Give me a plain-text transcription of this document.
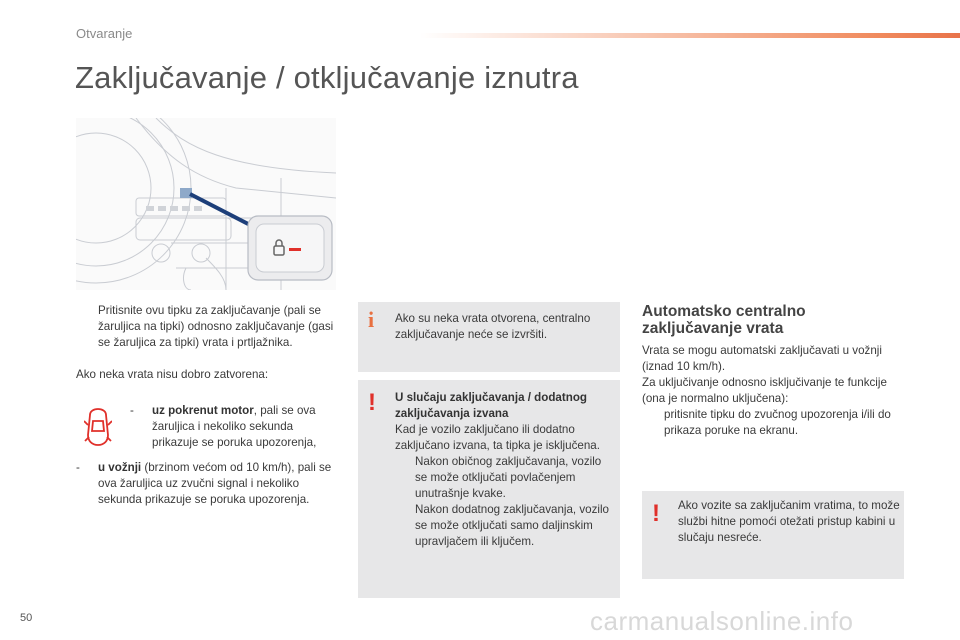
Otvaranje
Zaključavanje / otključavanje iznutra
Pritisnite ovu tipku za zaključavanje (pali se žaruljica na tipki) odnosno zaključavanje (gasi se žaruljica za tipki) vrata i prtljažnika.
Ako neka vrata nisu dobro zatvorena:
- uz pokrenut motor, pali se ova žaruljica i nekoliko sekunda prikazuje se poruka upozorenja,
- u vožnji (brzinom većom od 10 km/h), pali se ova žaruljica uz zvučni signal i nekoliko sekunda prikazuje se poruka upozorenja.
i Ako su neka vrata otvorena, centralno zaključavanje neće se izvršiti.
! U slučaju zaključavanja / dodatnog zaključavanja izvana
Kad je vozilo zaključano ili dodatno zaključano izvana, ta tipka je isključena.
Nakon običnog zaključavanja, vozilo se može otključati povlačenjem unutrašnje kvake.
Nakon dodatnog zaključavanja, vozilo se može otključati samo daljinskim upravljačem ili ključem.
Automatsko centralno zaključavanje vrata
Vrata se mogu automatski zaključavati u vožnji (iznad 10 km/h).
Za uključivanje odnosno isključivanje te funkcije (ona je normalno uključena):
pritisnite tipku do zvučnog upozorenja i/ili do prikaza poruke na ekranu.
! Ako vozite sa zaključanim vratima, to može službi hitne pomoći otežati pristup kabini u slučaju nesreće.
50	carmanualsonline.info
